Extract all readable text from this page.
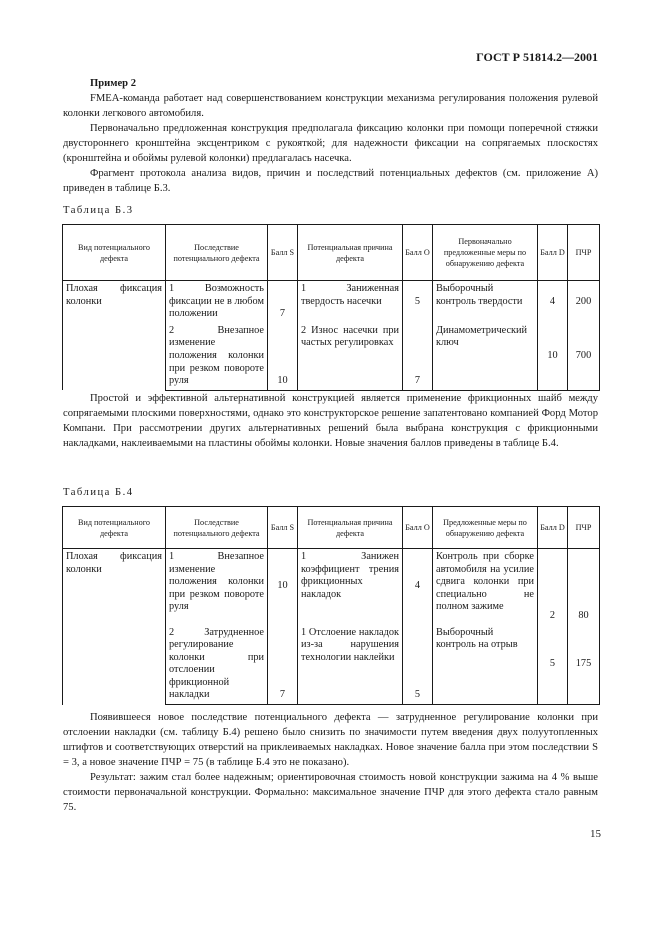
ГОСТ Р 51814.2—2001

Пример 2

FMEA-команда работает над совершенствованием конструкции механизма регулирования положения рулевой колонки легкового автомобиля.

Первоначально предложенная конструкция предполагала фиксацию колонки при помощи поперечной стяжки двустороннего кронштейна эксцентриком с рукояткой; для надежности фиксации на сопрягаемых плоскостях (кронштейна и обоймы рулевой колонки) предлагалась насечка.

Фрагмент протокола анализа видов, причин и последствий потенциальных дефектов (см. приложение А) приведен в таблице Б.3.

Таблица Б.3
Вид потенциального дефекта	Последствие потенциального дефекта	Балл S	Потенциальная причина дефекта	Балл O	Первоначально предложенные меры по обнаружению дефекта	Балл D	ПЧР
Плохая фиксация колонки	1 Возможность фиксации не в любом положении	7	1 Заниженная твердость насечки	5	Выборочный контроль твердости	4	200
	2 Внезапное изменение положения колонки при резком повороте руля	10	2 Износ насечки при частых регулировках	7	Динамометрический ключ	10	700

Простой и эффективной альтернативной конструкцией является применение фрикционных шайб между сопрягаемыми плоскими поверхностями, однако это конструкторское решение запатентовано компанией Форд Мотор Компани. При рассмотрении других альтернативных решений была выбрана конструкция с фрикционными накладками, наклеиваемыми на пластины обоймы колонки. Новые значения баллов приведены в таблице Б.4.

Таблица Б.4
Вид потенциального дефекта	Последствие потенциального дефекта	Балл S	Потенциальная причина дефекта	Балл O	Предложенные меры по обнаружению дефекта	Балл D	ПЧР
Плохая фиксация колонки	1 Внезапное изменение положения колонки при резком повороте руля	10	1 Занижен коэффициент трения фрикционных накладок	4	Контроль при сборке автомобиля на усилие сдвига колонки при специально не полном зажиме	2	80
	2 Затрудненное регулирование колонки при отслоении фрикционной накладки	7	1 Отслоение накладок из-за нарушения технологии наклейки	5	Выборочный контроль на отрыв	5	175

Появившееся новое последствие потенциального дефекта — затрудненное регулирование колонки при отслоении накладки (см. таблицу Б.4) решено было снизить по значимости путем введения двух полуутопленных штифтов и соответствующих отверстий на приклеиваемых накладках. Новое значение балла при этом последствии S = 3, а новое значение ПЧР = 75 (в таблице Б.4 это не показано).

Результат: зажим стал более надежным; ориентировочная стоимость новой конструкции зажима на 4 % выше стоимости первоначальной конструкции. Формально: максимальное значение ПЧР для этого дефекта стало равным 75.

15
